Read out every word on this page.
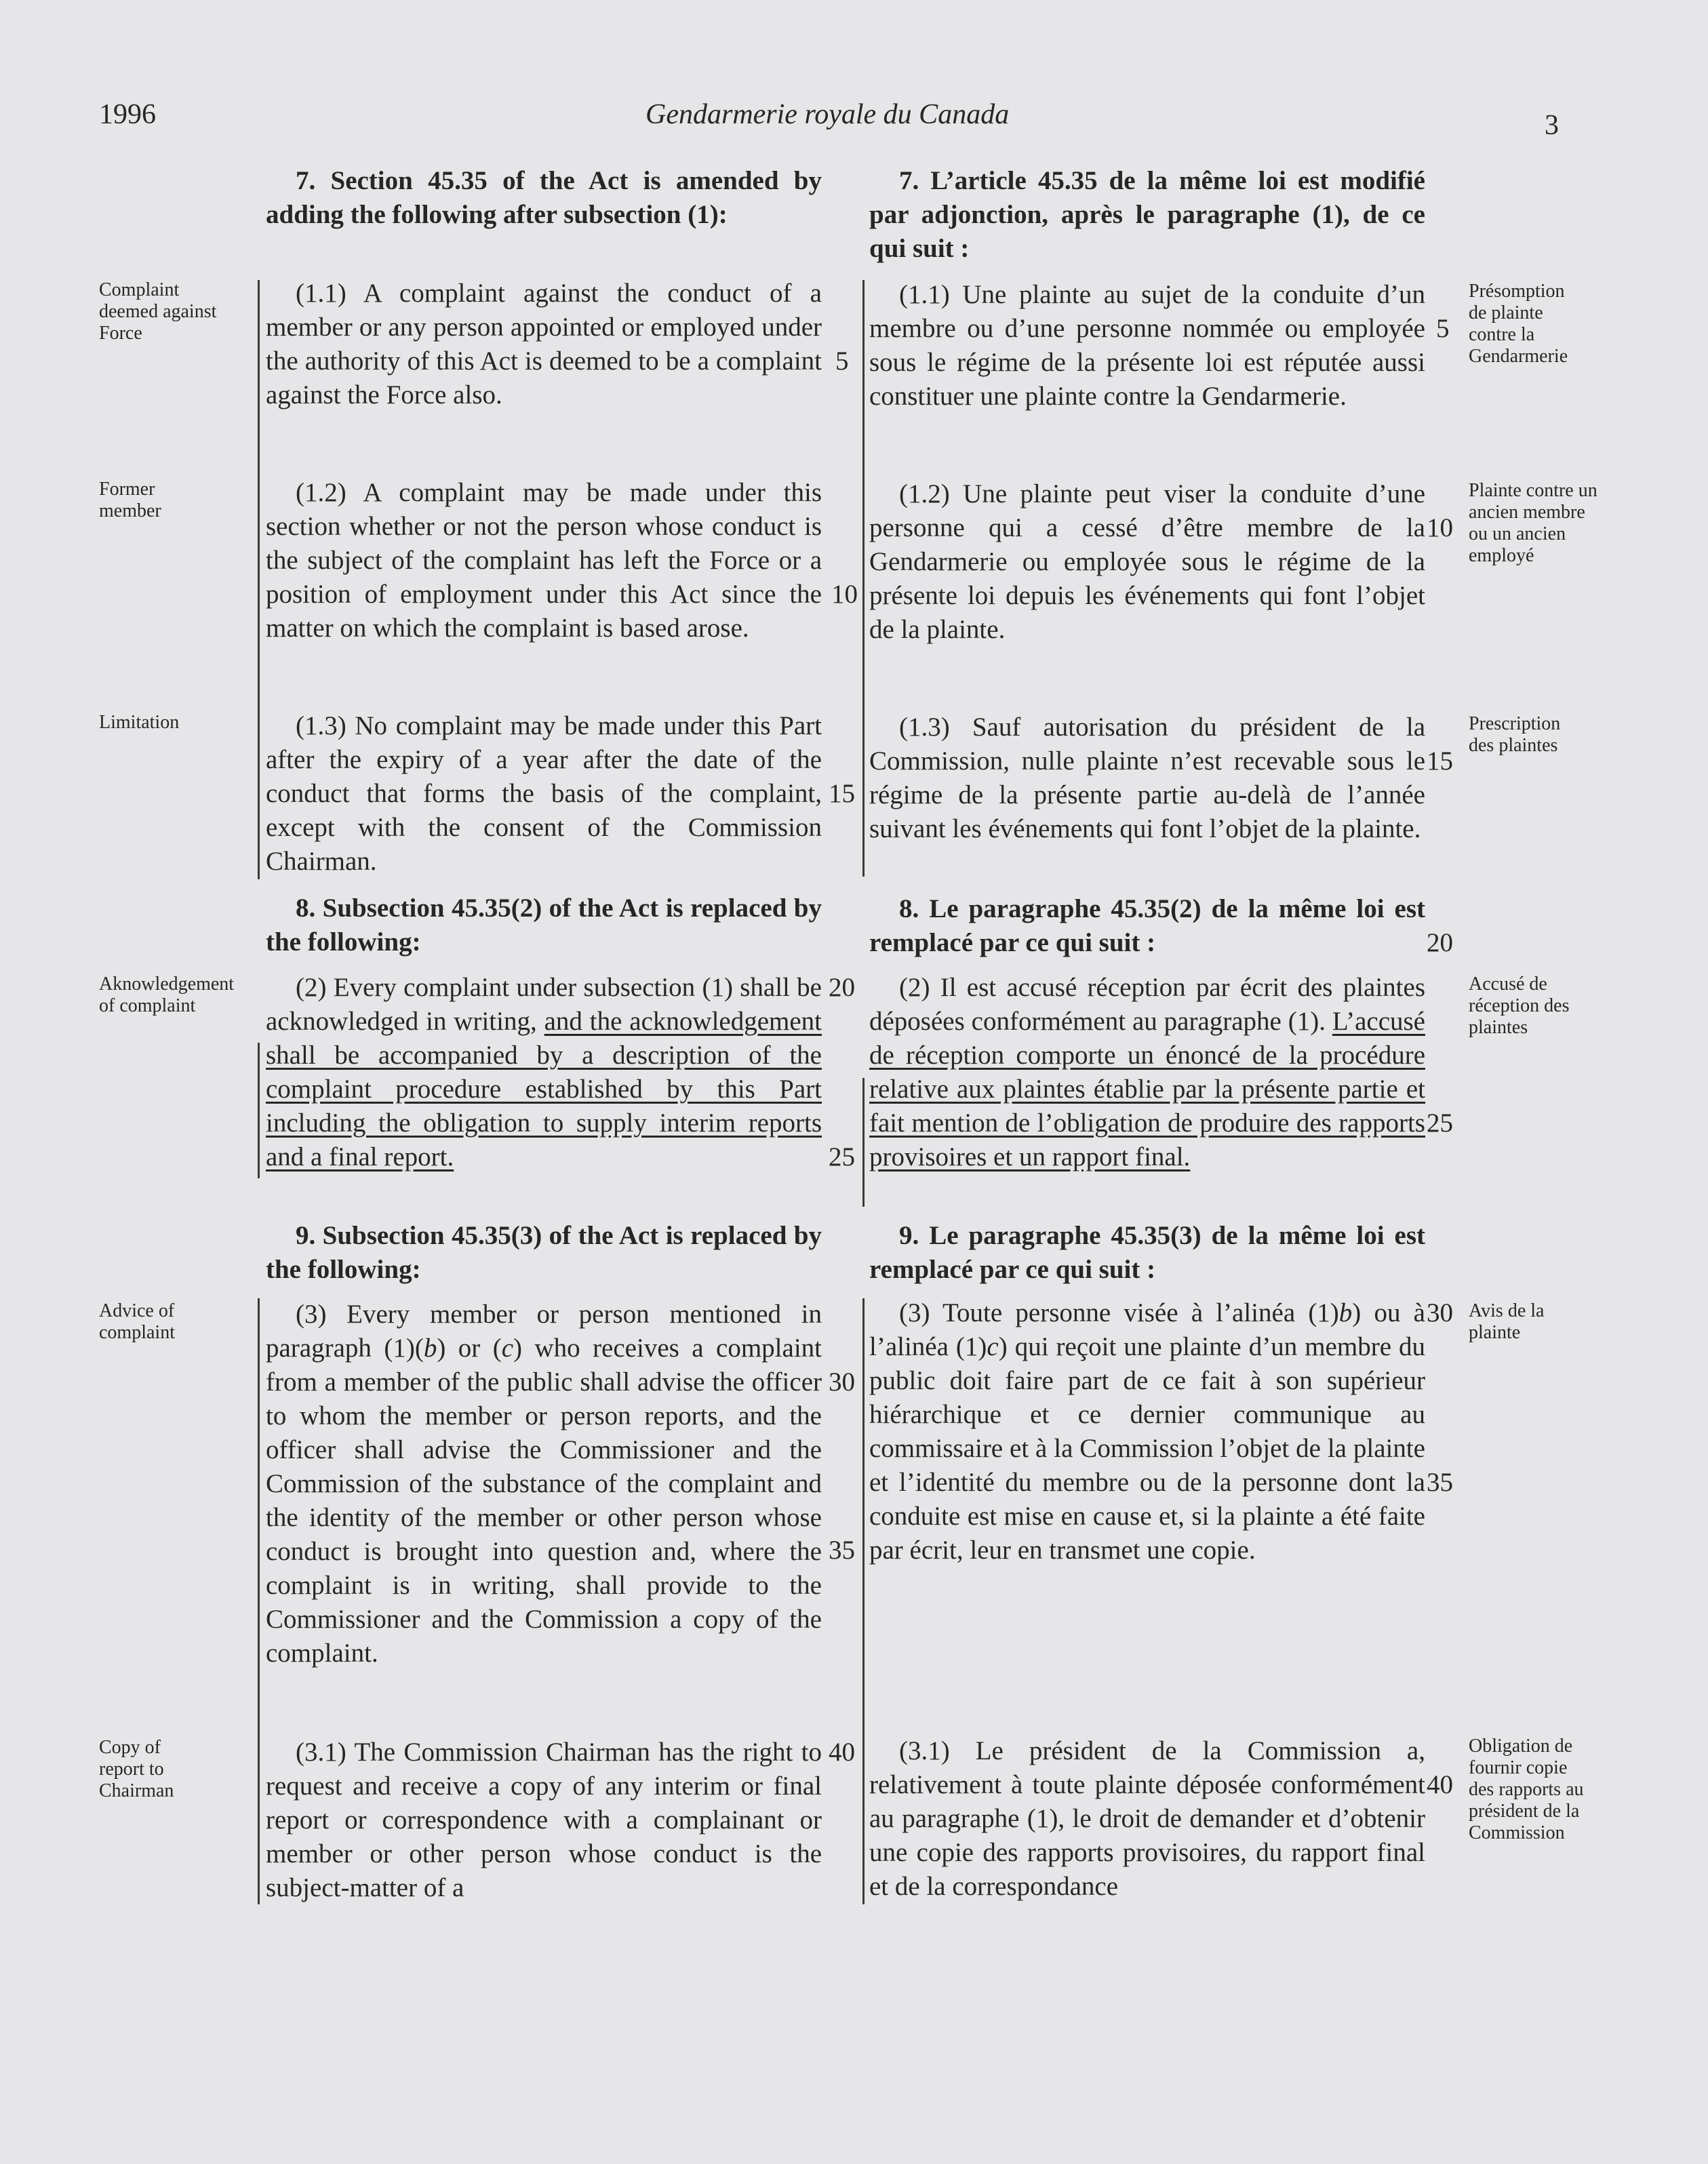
1996	Gendarmerie royale du Canada	3
7. Section 45.35 of the Act is amended by adding the following after subsection (1):
(1.1) A complaint against the conduct of a member or any person appointed or employed under the authority of this Act is deemed to be a complaint against the Force also.
(1.2) A complaint may be made under this section whether or not the person whose conduct is the subject of the complaint has left the Force or a position of employment under this Act since the matter on which the complaint is based arose.
(1.3) No complaint may be made under this Part after the expiry of a year after the date of the conduct that forms the basis of the complaint, except with the consent of the Commission Chairman.
8. Subsection 45.35(2) of the Act is replaced by the following:
(2) Every complaint under subsection (1) shall be acknowledged in writing, and the acknowledgement shall be accompanied by a description of the complaint procedure established by this Part including the obligation to supply interim reports and a final report.
9. Subsection 45.35(3) of the Act is replaced by the following:
(3) Every member or person mentioned in paragraph (1)(b) or (c) who receives a complaint from a member of the public shall advise the officer to whom the member or person reports, and the officer shall advise the Commissioner and the Commission of the substance of the complaint and the identity of the member or other person whose conduct is brought into question and, where the complaint is in writing, shall provide to the Commissioner and the Commission a copy of the complaint.
(3.1) The Commission Chairman has the right to request and receive a copy of any interim or final report or correspondence with a complainant or member or other person whose conduct is the subject-matter of a
7. L’article 45.35 de la même loi est modifié par adjonction, après le paragraphe (1), de ce qui suit :
(1.1) Une plainte au sujet de la conduite d’un membre ou d’une personne nommée ou employée sous le régime de la présente loi est réputée aussi constituer une plainte contre la Gendarmerie.
(1.2) Une plainte peut viser la conduite d’une personne qui a cessé d’être membre de la Gendarmerie ou employée sous le régime de la présente loi depuis les événements qui font l’objet de la plainte.
(1.3) Sauf autorisation du président de la Commission, nulle plainte n’est recevable sous le régime de la présente partie au-delà de l’année suivant les événements qui font l’objet de la plainte.
8. Le paragraphe 45.35(2) de la même loi est remplacé par ce qui suit :
(2) Il est accusé réception par écrit des plaintes déposées conformément au paragraphe (1). L’accusé de réception comporte un énoncé de la procédure relative aux plaintes établie par la présente partie et fait mention de l’obligation de produire des rapports provisoires et un rapport final.
9. Le paragraphe 45.35(3) de la même loi est remplacé par ce qui suit :
(3) Toute personne visée à l’alinéa (1)b) ou à l’alinéa (1)c) qui reçoit une plainte d’un membre du public doit faire part de ce fait à son supérieur hiérarchique et ce dernier communique au commissaire et à la Commission l’objet de la plainte et l’identité du membre ou de la personne dont la conduite est mise en cause et, si la plainte a été faite par écrit, leur en transmet une copie.
(3.1) Le président de la Commission a, relativement à toute plainte déposée conformément au paragraphe (1), le droit de demander et d’obtenir une copie des rapports provisoires, du rapport final et de la correspondance
Complaint deemed against Force
Former member
Limitation
Aknowledgement of complaint
Advice of complaint
Copy of report to Chairman
Présomption de plainte contre la Gendarmerie
Plainte contre un ancien membre ou un ancien employé
Prescription des plaintes
Accusé de réception des plaintes
Avis de la plainte
Obligation de fournir copie des rapports au président de la Commission
5
10
15
20
25
30
35
40
5
10
15
20
25
30
35
40
